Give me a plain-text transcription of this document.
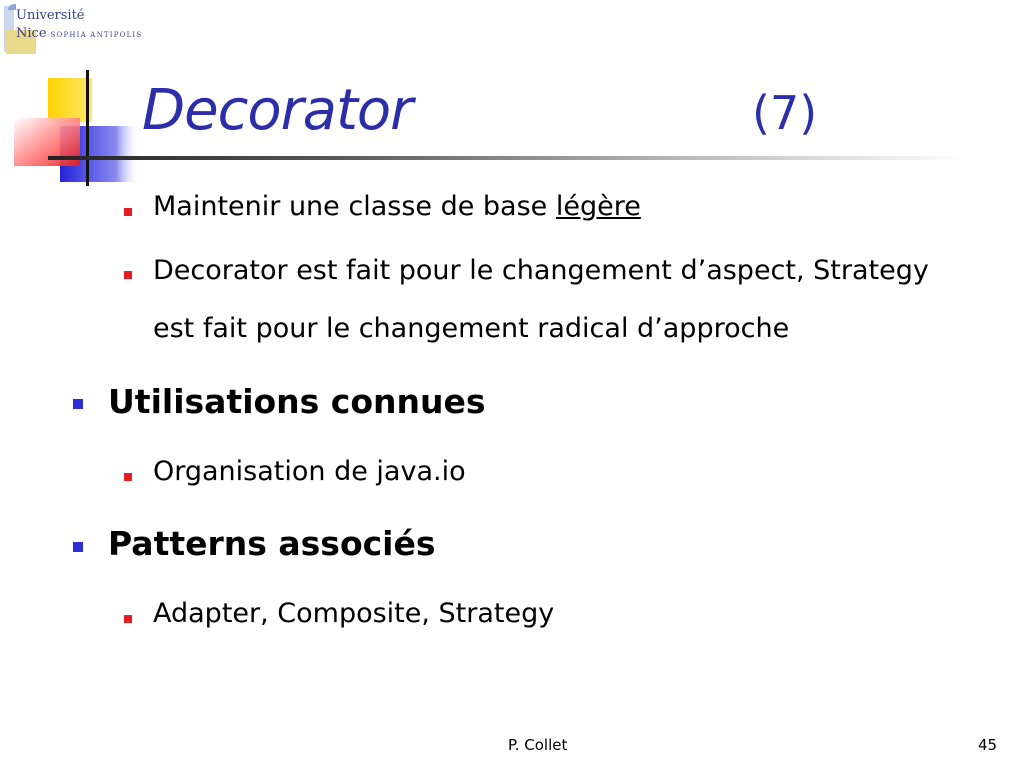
Université
Nice SOPHIA ANTIPOLIS
Decorator	(7)
Maintenir une classe de base légère
Decorator est fait pour le changement d’aspect, Strategy
est fait pour le changement radical d’approche
Utilisations connues
Organisation de java.io
Patterns associés
Adapter, Composite, Strategy
P. Collet	45
